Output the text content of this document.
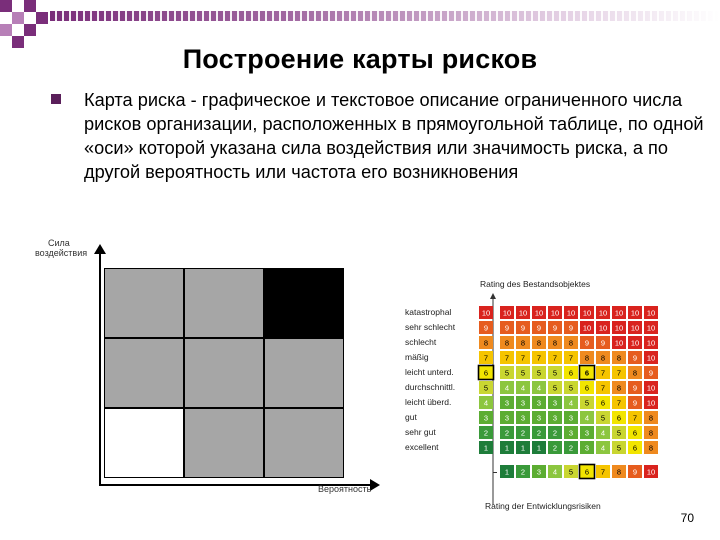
Построение карты рисков

Карта риска - графическое и текстовое описание ограниченного числа рисков организации, расположенных в прямоугольной таблице, по одной «оси» которой указана сила воздействия или значимость риска, а по другой вероятность или частота его возникновения

Сила
воздействия
Вероятность
Rating des Bestandsobjektes
katastrophal	10 10 10 10 10 10 10 10 10 10 10
sehr schlecht	9 9 9 9 9 9 10 10 10 10 10
schlecht	8 8 8 8 8 8 9 9 10 10 10
mäßig	7 7 7 7 7 7 8 8 8 9 10
leicht unterd.	6 5 5 5 5 6 6 7 7 8 9
durchschnittl.	5 4 4 4 5 5 6 7 8 9 10
leicht überd.	4 3 3 3 3 4 5 6 7 9 10
gut	3 3 3 3 3 3 4 5 6 7 8
sehr gut	2 2 2 2 2 3 3 4 5 6 8
excellent	1 1 1 1 2 2 3 4 5 6 8
1 2 3 4 5 6 7 8 9 10
Rating der Entwicklungsrisiken
70
